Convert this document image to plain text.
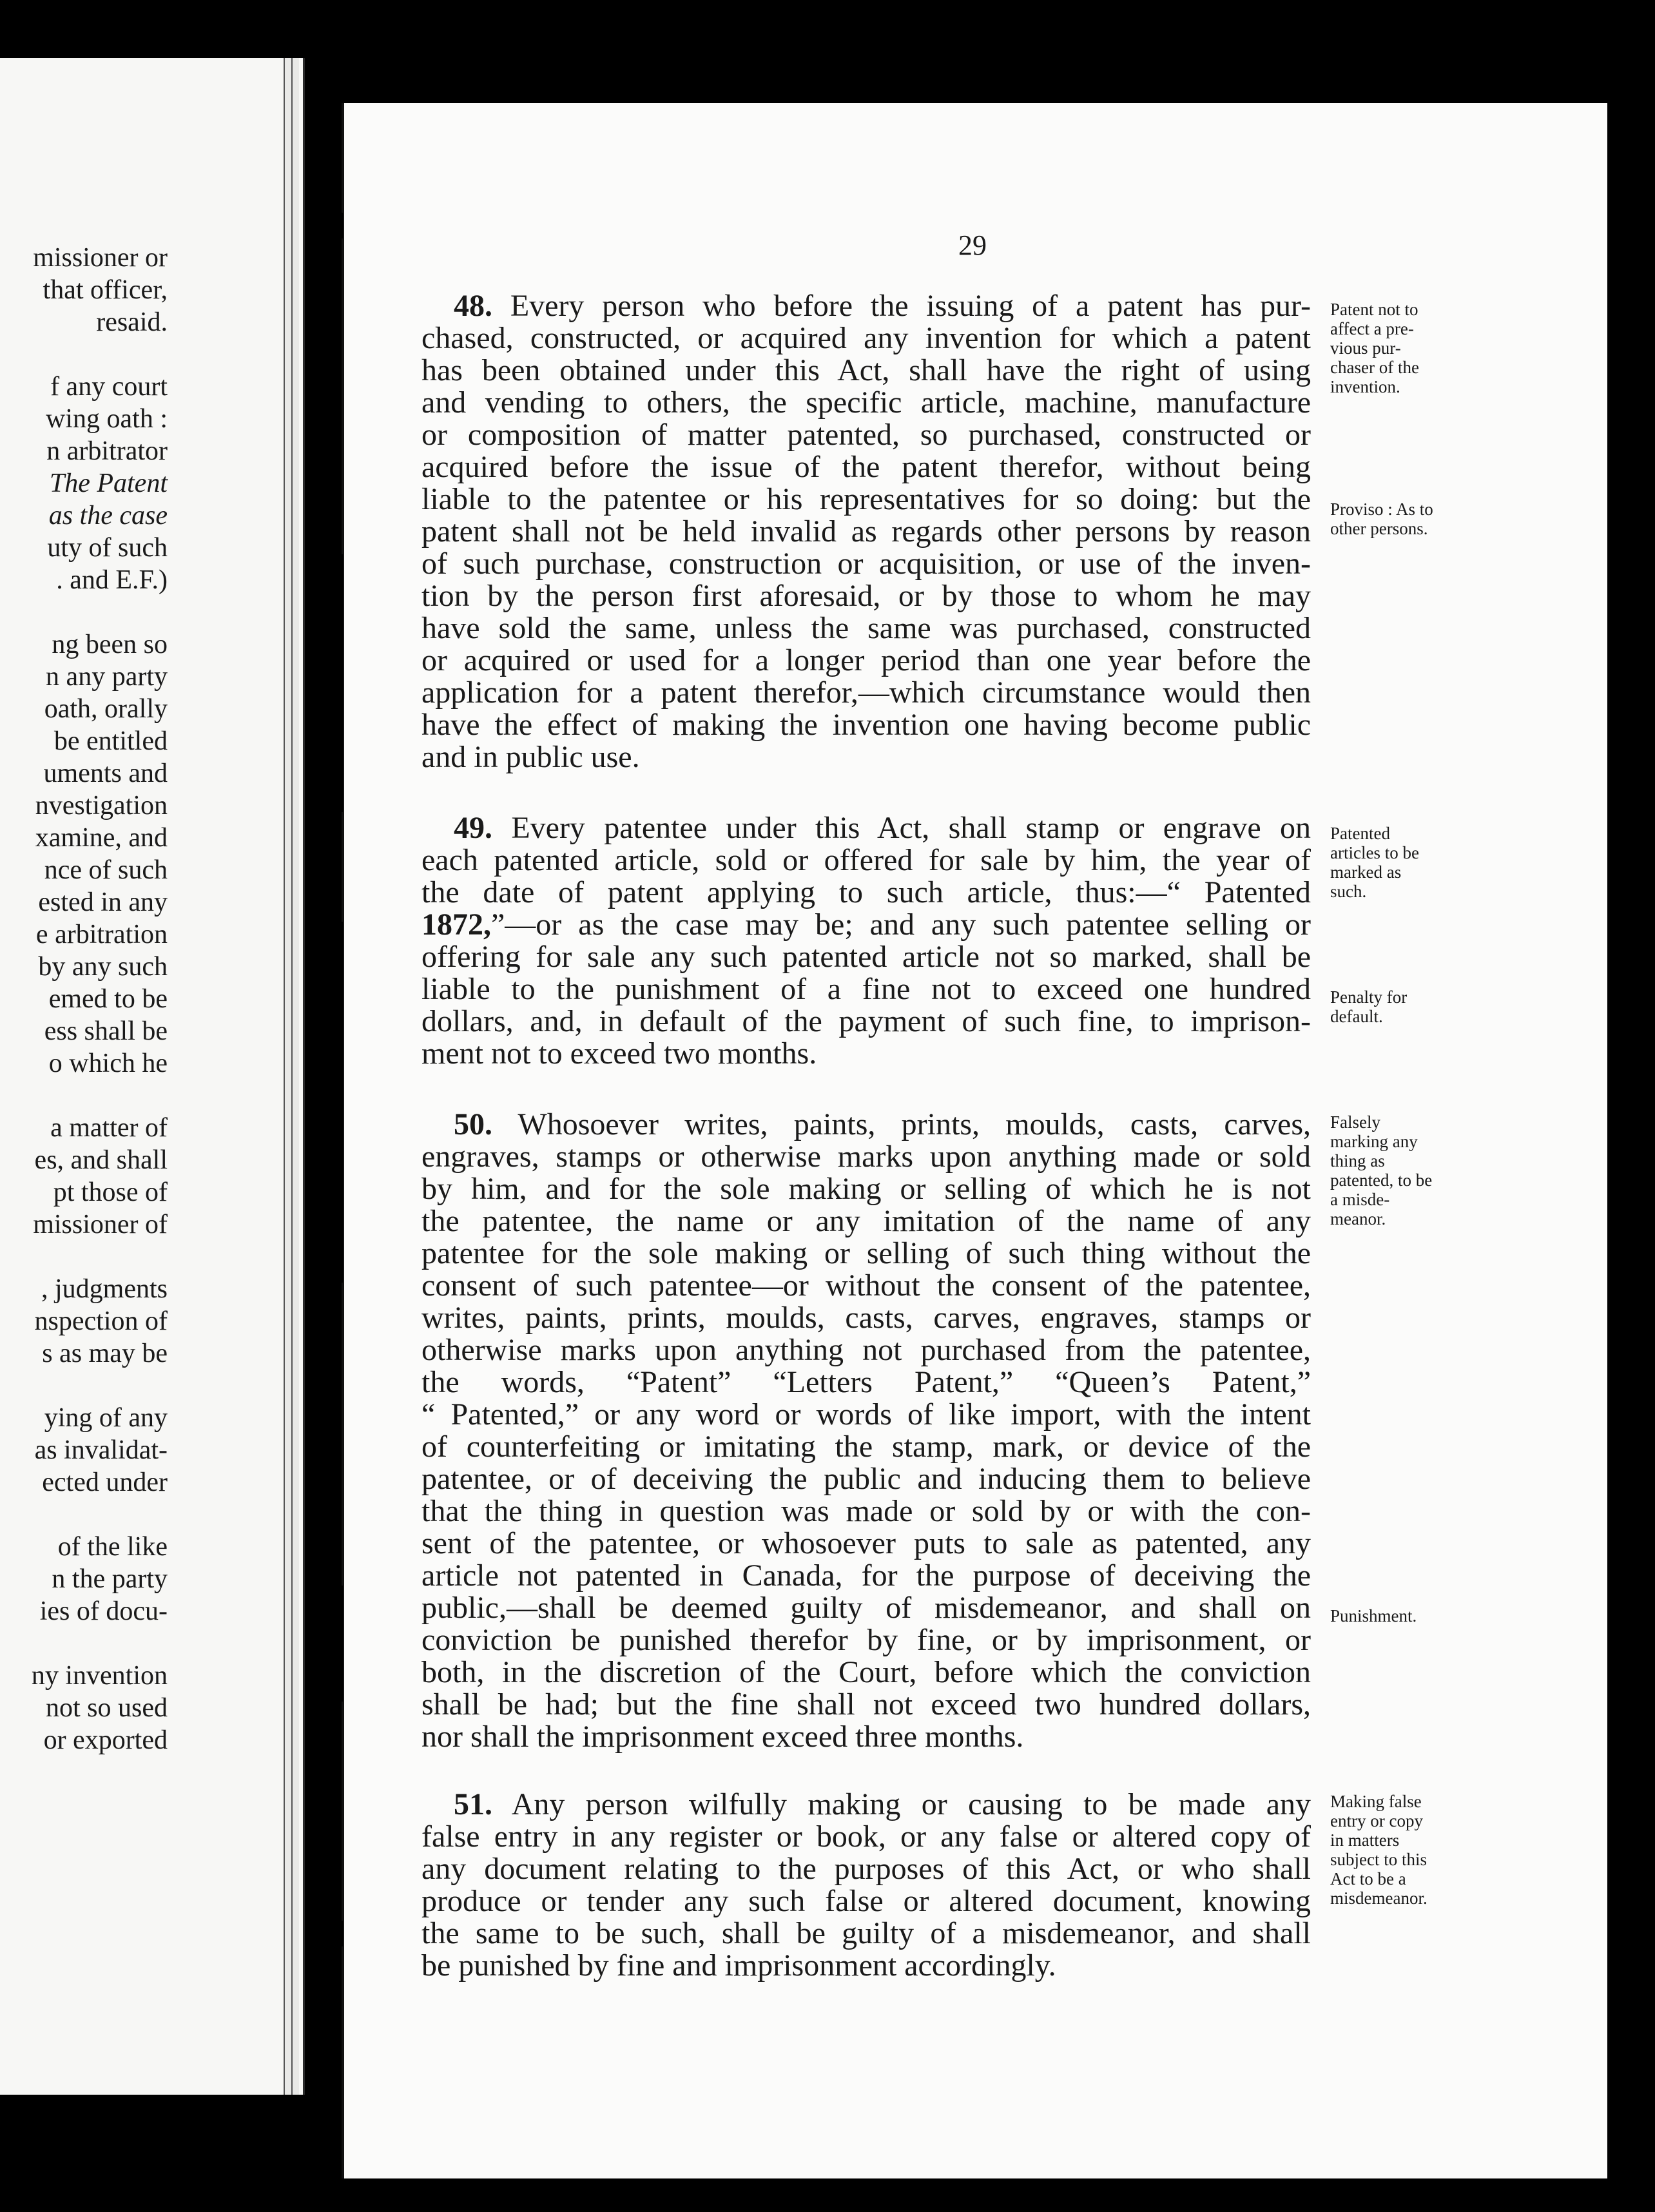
missioner or
that officer,
resaid.
f any court
wing oath :
n arbitrator
The Patent
as the case
uty of such
. and E.F.)
ng been so
n any party
oath, orally
be entitled
uments and
nvestigation
xamine, and
nce of such
ested in any
e arbitration
by any such
emed to be
ess shall be
o which he
a matter of
es, and shall
pt those of
missioner of
, judgments
nspection of
s as may be
ying of any
as invalidat-
ected under
of the like
n the party
ies of docu-
ny invention
not so used
or exported
29
48. Every person who before the issuing of a patent has pur-
chased, constructed, or acquired any invention for which a patent
has been obtained under this Act, shall have the right of using
and vending to others, the specific article, machine, manufacture
or composition of matter patented, so purchased, constructed or
acquired before the issue of the patent therefor, without being
liable to the patentee or his representatives for so doing: but the
patent shall not be held invalid as regards other persons by reason
of such purchase, construction or acquisition, or use of the inven-
tion by the person first aforesaid, or by those to whom he may
have sold the same, unless the same was purchased, constructed
or acquired or used for a longer period than one year before the
application for a patent therefor,—which circumstance would then
have the effect of making the invention one having become public
and in public use.
Patent not to
affect a pre-
vious pur-
chaser of the
invention.
Proviso : As to
other persons.
49. Every patentee under this Act, shall stamp or engrave on
each patented article, sold or offered for sale by him, the year of
the date of patent applying to such article, thus:—“ Patented
1872,”—or as the case may be; and any such patentee selling or
offering for sale any such patented article not so marked, shall be
liable to the punishment of a fine not to exceed one hundred
dollars, and, in default of the payment of such fine, to imprison-
ment not to exceed two months.
Patented
articles to be
marked as
such.
Penalty for
default.
50. Whosoever writes, paints, prints, moulds, casts, carves,
engraves, stamps or otherwise marks upon anything made or sold
by him, and for the sole making or selling of which he is not
the patentee, the name or any imitation of the name of any
patentee for the sole making or selling of such thing without the
consent of such patentee—or without the consent of the patentee,
writes, paints, prints, moulds, casts, carves, engraves, stamps or
otherwise marks upon anything not purchased from the patentee,
the words, “Patent” “Letters Patent,” “Queen’s Patent,”
“ Patented,” or any word or words of like import, with the intent
of counterfeiting or imitating the stamp, mark, or device of the
patentee, or of deceiving the public and inducing them to believe
that the thing in question was made or sold by or with the con-
sent of the patentee, or whosoever puts to sale as patented, any
article not patented in Canada, for the purpose of deceiving the
public,—shall be deemed guilty of misdemeanor, and shall on
conviction be punished therefor by fine, or by imprisonment, or
both, in the discretion of the Court, before which the conviction
shall be had; but the fine shall not exceed two hundred dollars,
nor shall the imprisonment exceed three months.
Falsely
marking any
thing as
patented, to be
a misde-
meanor.
Punishment.
51. Any person wilfully making or causing to be made any
false entry in any register or book, or any false or altered copy of
any document relating to the purposes of this Act, or who shall
produce or tender any such false or altered document, knowing
the same to be such, shall be guilty of a misdemeanor, and shall
be punished by fine and imprisonment accordingly.
Making false
entry or copy
in matters
subject to this
Act to be a
misdemeanor.
